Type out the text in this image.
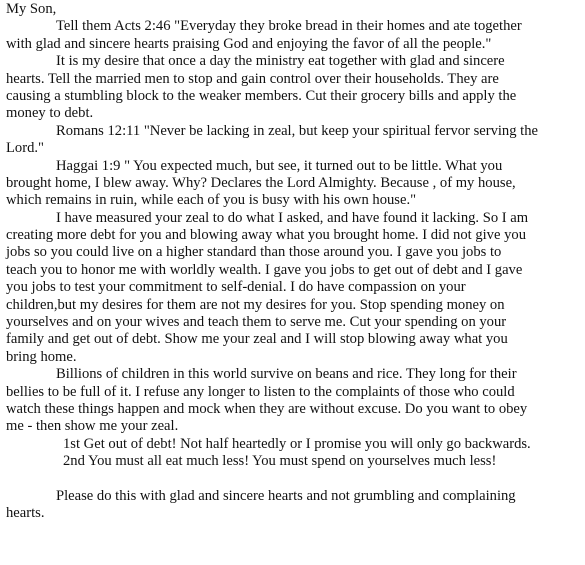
My Son,
Tell them Acts 2:46 "Everyday they broke bread in their homes and ate together
with glad and sincere hearts praising God and enjoying the favor of all the people."
It is my desire that once a day the ministry eat together with glad and sincere
hearts. Tell the married men to stop and gain control over their households. They are
causing a stumbling block to the weaker members. Cut their grocery bills and apply the
money to debt.
Romans 12:11 "Never be lacking in zeal, but keep your spiritual fervor serving the
Lord."
Haggai 1:9 " You expected much, but see, it turned out to be little. What you
brought home, I blew away. Why? Declares the Lord Almighty. Because , of my house,
which remains in ruin, while each of you is busy with his own house."
I have measured your zeal to do what I asked, and have found it lacking. So I am
creating more debt for you and blowing away what you brought home. I did not give you
jobs so you could live on a higher standard than those around you. I gave you jobs to
teach you to honor me with worldly wealth. I gave you jobs to get out of debt and I gave
you jobs to test your commitment to self-denial. I do have compassion on your
children,but my desires for them are not my desires for you. Stop spending money on
yourselves and on your wives and teach them to serve me. Cut your spending on your
family and get out of debt. Show me your zeal and I will stop blowing away what you
bring home.
Billions of children in this world survive on beans and rice. They long for their
bellies to be full of it. I refuse any longer to listen to the complaints of those who could
watch these things happen and mock when they are without excuse. Do you want to obey
me - then show me your zeal.
1st Get out of debt! Not half heartedly or I promise you will only go backwards.
2nd You must all eat much less! You must spend on yourselves much less!
Please do this with glad and sincere hearts and not grumbling and complaining
hearts.
